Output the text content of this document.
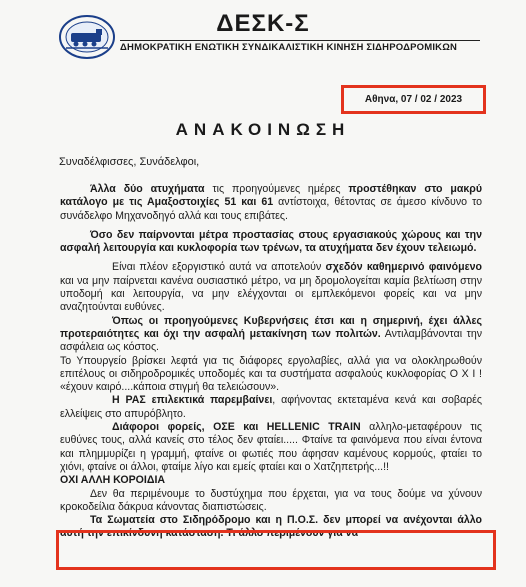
ΔΕΣΚ-Σ
ΔΗΜΟΚΡΑΤΙΚΗ ΕΝΩΤΙΚΗ ΣΥΝΔΙΚΑΛΙΣΤΙΚΗ ΚΙΝΗΣΗ ΣΙΔΗΡΟΔΡΟΜΙΚΩΝ
Αθηνα, 07 / 02 / 2023
ΑΝΑΚΟΙΝΩΣΗ
Συναδέλφισσες, Συνάδελφοι,

Άλλα δύο ατυχήματα τις προηγούμενες ημέρες προστέθηκαν στο μακρύ κατάλογο με τις Αμαξοστοιχίες 51 και 61 αντίστοιχα, θέτοντας σε άμεσο κίνδυνο το συνάδελφο Μηχανοδηγό αλλά και τους επιβάτες.

Όσο δεν παίρνονται μέτρα προστασίας στους εργασιακούς χώρους και την ασφαλή λειτουργία και κυκλοφορία των τρένων, τα ατυχήματα δεν έχουν τελειωμό.

Είναι πλέον εξοργιστικό αυτά να αποτελούν σχεδόν καθημερινό φαινόμενο και να μην παίρνεται κανένα ουσιαστικό μέτρο, να μη δρομολογείται καμία βελτίωση στην υποδομή και λειτουργία, να μην ελέγχονται οι εμπλεκόμενοι φορείς και να μην αναζητούνται ευθύνες.

Όπως οι προηγούμενες Κυβερνήσεις έτσι και η σημερινή, έχει άλλες προτεραιότητες και όχι την ασφαλή μετακίνηση των πολιτών. Αντιλαμβάνονται την ασφάλεια ως κόστος.

Το Υπουργείο βρίσκει λεφτά για τις διάφορες εργολαβίες, αλλά για να ολοκληρωθούν επιτέλους οι σιδηροδρομικές υποδομές και τα συστήματα ασφαλούς κυκλοφορίας Ο Χ Ι ! «έχουν καιρό....κάποια στιγμή θα τελειώσουν».

Η ΡΑΣ επιλεκτικά παρεμβαίνει, αφήνοντας εκτεταμένα κενά και σοβαρές ελλείψεις στο απυρόβλητο.

Διάφοροι φορείς, ΟΣΕ και HELLENIC TRAIN αλληλο-μεταφέρουν τις ευθύνες τους, αλλά κανείς στο τέλος δεν φταίει..... Φταίνε τα φαινόμενα που είναι έντονα και πλημμυρίζει η γραμμή, φταίνε οι φωτιές που άφησαν καμένους κορμούς, φταίει το χιόνι, φταίνε οι άλλοι, φταίμε λίγο και εμείς φταίει και ο Χατζηπετρής...!!

ΟΧΙ ΑΛΛΗ ΚΟΡΟΙΔΙΑ

Δεν θα περιμένουμε το δυστύχημα που έρχεται, για να τους δούμε να χύνουν κροκοδείλια δάκρυα κάνοντας διαπιστώσεις.

Τα Σωματεία στο Σιδηρόδρομο και η Π.Ο.Σ. δεν μπορεί να ανέχονται άλλο αυτή την επικίνδυνη κατάσταση. Τι άλλο περιμένουν για να
